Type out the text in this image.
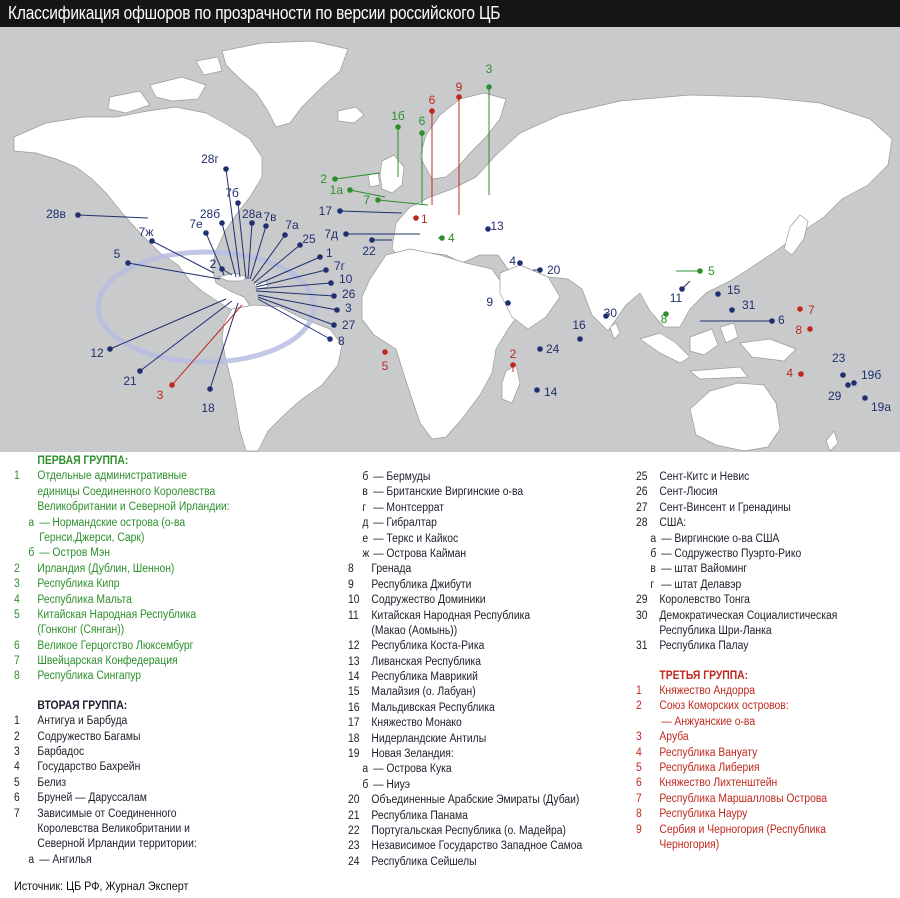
Классификация офшоров по прозрачности по версии российского ЦБ
3
1б 6
2
1а
7
4
5
8
6
9
1
5
2
3
7
8
4
28г
7б
28в
7ж
7е
28б 28а 7в
7а
25
1
7г
10
26
5
2
27
3
8
12
21
18
17
7д
22
13
4
20
9	11
15
31
6
30
16
24
14
23
19б
29
19а
ПЕРВАЯ ГРУППА:
1 Отдельные административные
единицы Соединенного Королевства
Великобритании и Северной Ирландии:
а — Нормандские острова (о-ва
Гернси,Джерси, Сарк)
б — Остров Мэн
2 Ирландия (Дублин, Шеннон)
3 Республика Кипр
4 Республика Мальта
5 Китайская Народная Республика
(Гонконг (Сянган))
6 Великое Герцогство Люксембург
7 Швейцарская Конфедерация
8 Республика Сингапур
ВТОРАЯ ГРУППА:
1 Антигуа и Барбуда
2 Содружество Багамы
3 Барбадос
4 Государство Бахрейн
5 Белиз
6 Бруней — Даруссалам
7 Зависимые от Соединенного
Королевства Великобритании и
Северной Ирландии территории:
а — Ангилья
б — Бермуды
в — Британские Виргинские о-ва
г — Монтсеррат
д — Гибралтар
е — Теркс и Кайкос
ж — Острова Кайман
8 Гренада
9 Республика Джибути
10 Содружество Доминики
11 Китайская Народная Республика
(Макао (Аомынь))
12 Республика Коста-Рика
13 Ливанская Республика
14 Республика Маврикий
15 Малайзия (о. Лабуан)
16 Мальдивская Республика
17 Княжество Монако
18 Нидерландские Антилы
19 Новая Зеландия:
а — Острова Кука
б — Ниуэ
20 Объединенные Арабские Эмираты (Дубаи)
21 Республика Панама
22 Португальская Республика (о. Мадейра)
23 Независимое Государство Западное Самоа
24 Республика Сейшелы
25 Сент-Китс и Невис
26 Сент-Люсия
27 Сент-Винсент и Гренадины
28 США:
а — Виргинские о-ва США
б — Содружество Пуэрто-Рико
в — штат Вайоминг
г — штат Делавэр
29 Королевство Тонга
30 Демократическая Социалистическая
Республика Шри-Ланка
31 Республика Палау
ТРЕТЬЯ ГРУППА:
1 Княжество Андорра
2 Союз Коморских островов:
— Анжуанские о-ва
3 Аруба
4 Республика Вануату
5 Республика Либерия
6 Княжество Лихтенштейн
7 Республика Маршалловы Острова
8 Республика Науру
9 Сербия и Черногория (Республика
Черногория)
Источник: ЦБ РФ, Журнал Эксперт
